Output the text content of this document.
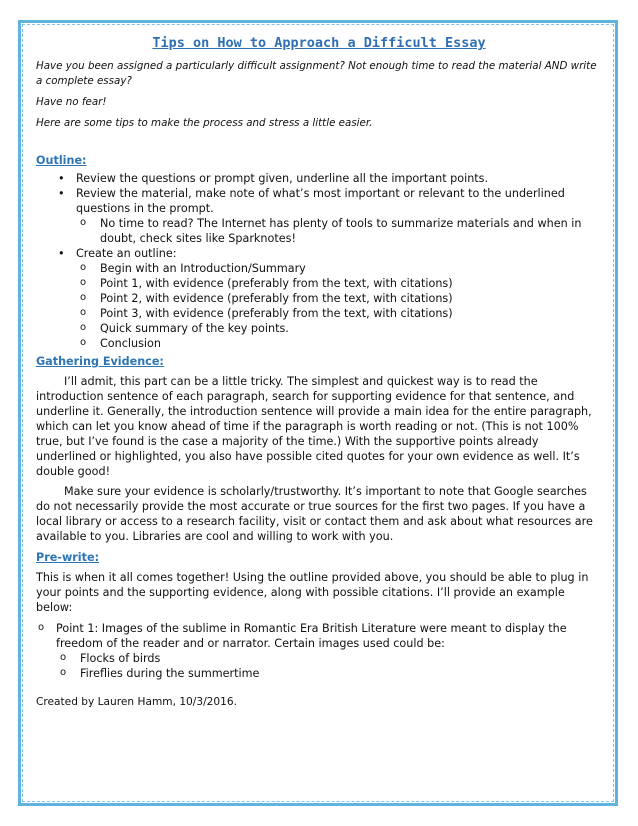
Tips on How to Approach a Difficult Essay

Have you been assigned a particularly difficult assignment? Not enough time to read the material AND write a complete essay?

Have no fear!

Here are some tips to make the process and stress a little easier.

Outline:
• Review the questions or prompt given, underline all the important points.
• Review the material, make note of what’s most important or relevant to the underlined questions in the prompt.
o No time to read? The Internet has plenty of tools to summarize materials and when in doubt, check sites like Sparknotes!
• Create an outline:
o Begin with an Introduction/Summary
o Point 1, with evidence (preferably from the text, with citations)
o Point 2, with evidence (preferably from the text, with citations)
o Point 3, with evidence (preferably from the text, with citations)
o Quick summary of the key points.
o Conclusion
Gathering Evidence:

I’ll admit, this part can be a little tricky. The simplest and quickest way is to read the introduction sentence of each paragraph, search for supporting evidence for that sentence, and underline it. Generally, the introduction sentence will provide a main idea for the entire paragraph, which can let you know ahead of time if the paragraph is worth reading or not. (This is not 100% true, but I’ve found is the case a majority of the time.) With the supportive points already underlined or highlighted, you also have possible cited quotes for your own evidence as well. It’s double good!

Make sure your evidence is scholarly/trustworthy. It’s important to note that Google searches do not necessarily provide the most accurate or true sources for the first two pages. If you have a local library or access to a research facility, visit or contact them and ask about what resources are available to you. Libraries are cool and willing to work with you.

Pre-write:

This is when it all comes together! Using the outline provided above, you should be able to plug in your points and the supporting evidence, along with possible citations. I’ll provide an example below:

o Point 1: Images of the sublime in Romantic Era British Literature were meant to display the freedom of the reader and or narrator. Certain images used could be:
o Flocks of birds
o Fireflies during the summertime
Created by Lauren Hamm, 10/3/2016.
